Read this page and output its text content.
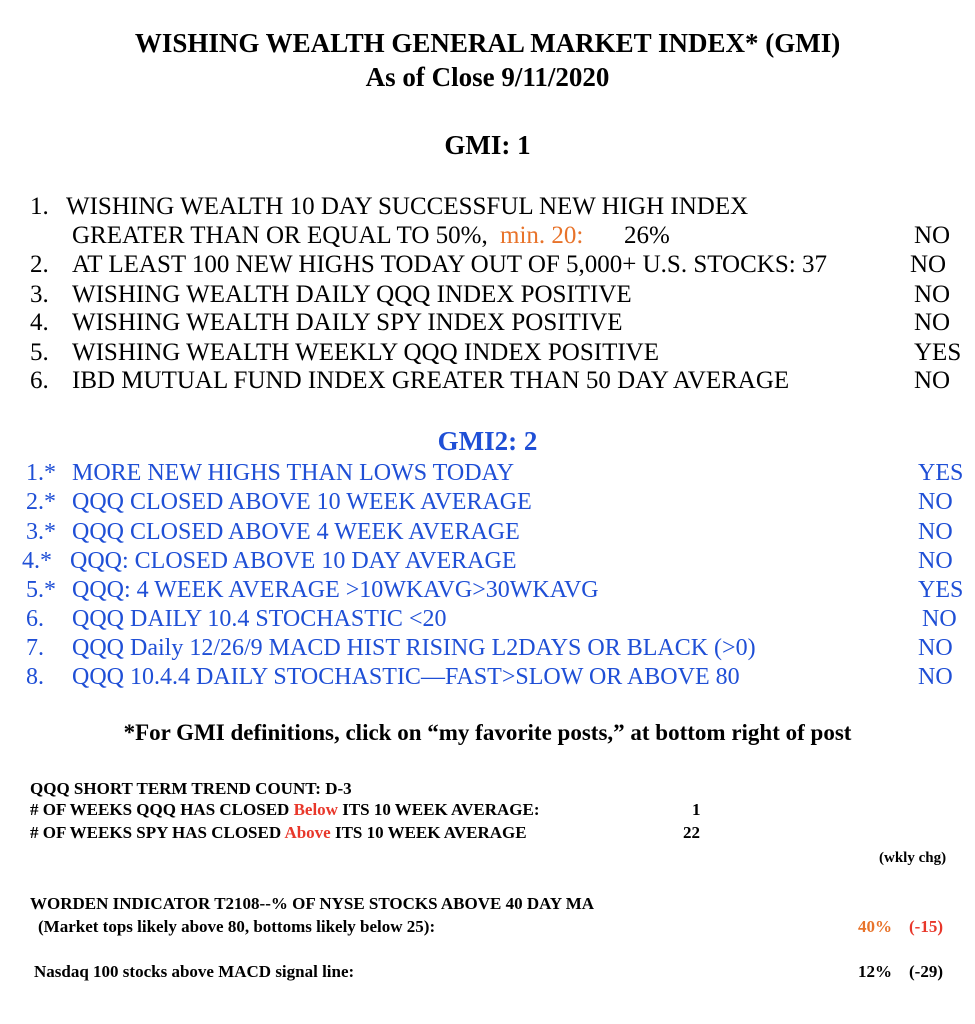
WISHING WEALTH GENERAL MARKET INDEX* (GMI)
As of Close 9/11/2020
GMI: 1
1. WISHING WEALTH 10 DAY SUCCESSFUL NEW HIGH INDEX
GREATER THAN OR EQUAL TO 50%, min. 20: 26%	NO
2. AT LEAST 100 NEW HIGHS TODAY OUT OF 5,000+ U.S. STOCKS: 37	NO
3. WISHING WEALTH DAILY QQQ INDEX POSITIVE	NO
4. WISHING WEALTH DAILY SPY INDEX POSITIVE	NO
5. WISHING WEALTH WEEKLY QQQ INDEX POSITIVE	YES
6. IBD MUTUAL FUND INDEX GREATER THAN 50 DAY AVERAGE	NO
GMI2: 2
1.* MORE NEW HIGHS THAN LOWS TODAY	YES
2.* QQQ CLOSED ABOVE 10 WEEK AVERAGE	NO
3.* QQQ CLOSED ABOVE 4 WEEK AVERAGE	NO
4.* QQQ: CLOSED ABOVE 10 DAY AVERAGE	NO
5.* QQQ: 4 WEEK AVERAGE >10WKAVG>30WKAVG	YES
6. QQQ DAILY 10.4 STOCHASTIC <20	NO
7. QQQ Daily 12/26/9 MACD HIST RISING L2DAYS OR BLACK (>0)	NO
8. QQQ 10.4.4 DAILY STOCHASTIC—FAST>SLOW OR ABOVE 80	NO
*For GMI definitions, click on “my favorite posts,” at bottom right of post
QQQ SHORT TERM TREND COUNT: D-3
# OF WEEKS QQQ HAS CLOSED Below ITS 10 WEEK AVERAGE:	1
# OF WEEKS SPY HAS CLOSED Above ITS 10 WEEK AVERAGE	22
(wkly chg)
WORDEN INDICATOR T2108--% OF NYSE STOCKS ABOVE 40 DAY MA
(Market tops likely above 80, bottoms likely below 25):	40% (-15)
Nasdaq 100 stocks above MACD signal line:	12% (-29)
